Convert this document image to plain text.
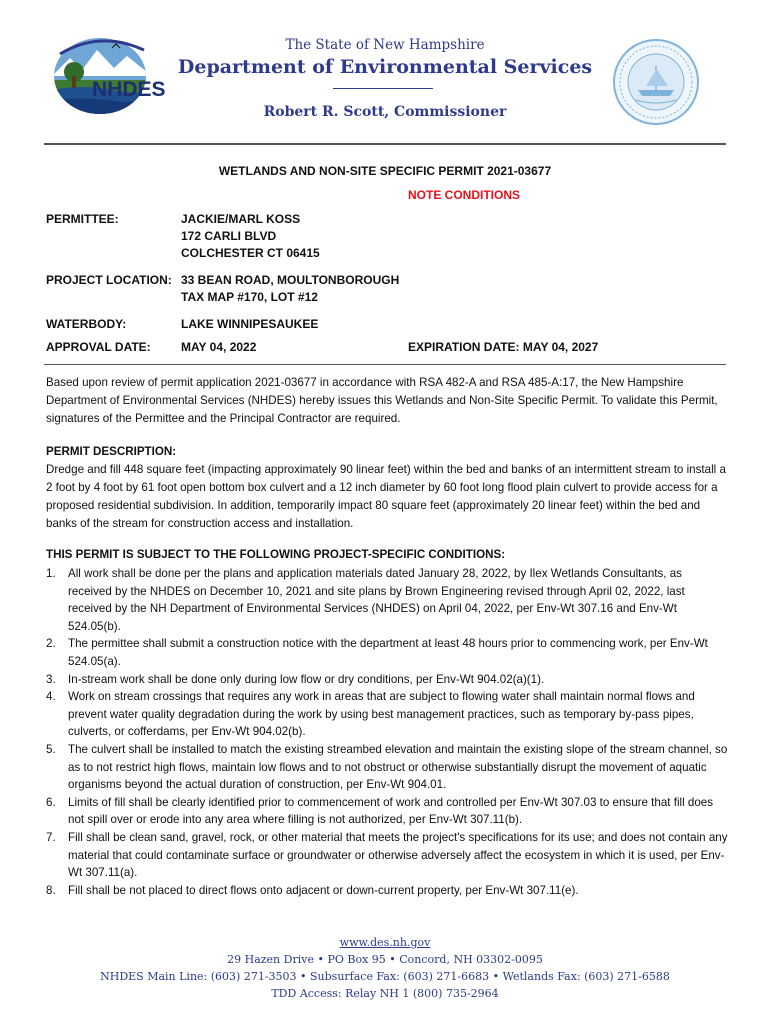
NHDES
The State of New Hampshire
Department of Environmental Services
Robert R. Scott, Commissioner
WETLANDS AND NON-SITE SPECIFIC PERMIT 2021-03677
NOTE CONDITIONS
PERMITTEE:	JACKIE/MARL KOSS
172 CARLI BLVD
COLCHESTER CT 06415
PROJECT LOCATION: 33 BEAN ROAD, MOULTONBOROUGH
TAX MAP #170, LOT #12
WATERBODY:	LAKE WINNIPESAUKEE
APPROVAL DATE:	MAY 04, 2022	EXPIRATION DATE: MAY 04, 2027
Based upon review of permit application 2021-03677 in accordance with RSA 482-A and RSA 485-A:17, the New Hampshire Department of Environmental Services (NHDES) hereby issues this Wetlands and Non-Site Specific Permit. To validate this Permit, signatures of the Permittee and the Principal Contractor are required.
PERMIT DESCRIPTION:
Dredge and fill 448 square feet (impacting approximately 90 linear feet) within the bed and banks of an intermittent stream to install a 2 foot by 4 foot by 61 foot open bottom box culvert and a 12 inch diameter by 60 foot long flood plain culvert to provide access for a proposed residential subdivision. In addition, temporarily impact 80 square feet (approximately 20 linear feet) within the bed and banks of the stream for construction access and installation.
THIS PERMIT IS SUBJECT TO THE FOLLOWING PROJECT-SPECIFIC CONDITIONS:
1. All work shall be done per the plans and application materials dated January 28, 2022, by Ilex Wetlands Consultants, as received by the NHDES on December 10, 2021 and site plans by Brown Engineering revised through April 02, 2022, last received by the NH Department of Environmental Services (NHDES) on April 04, 2022, per Env-Wt 307.16 and Env-Wt 524.05(b).
2. The permittee shall submit a construction notice with the department at least 48 hours prior to commencing work, per Env-Wt 524.05(a).
3. In-stream work shall be done only during low flow or dry conditions, per Env-Wt 904.02(a)(1).
4. Work on stream crossings that requires any work in areas that are subject to flowing water shall maintain normal flows and prevent water quality degradation during the work by using best management practices, such as temporary by-pass pipes, culverts, or cofferdams, per Env-Wt 904.02(b).
5. The culvert shall be installed to match the existing streambed elevation and maintain the existing slope of the stream channel, so as to not restrict high flows, maintain low flows and to not obstruct or otherwise substantially disrupt the movement of aquatic organisms beyond the actual duration of construction, per Env-Wt 904.01.
6. Limits of fill shall be clearly identified prior to commencement of work and controlled per Env-Wt 307.03 to ensure that fill does not spill over or erode into any area where filling is not authorized, per Env-Wt 307.11(b).
7. Fill shall be clean sand, gravel, rock, or other material that meets the project's specifications for its use; and does not contain any material that could contaminate surface or groundwater or otherwise adversely affect the ecosystem in which it is used, per Env-Wt 307.11(a).
8. Fill shall be not placed to direct flows onto adjacent or down-current property, per Env-Wt 307.11(e).
www.des.nh.gov
29 Hazen Drive • PO Box 95 • Concord, NH 03302-0095
NHDES Main Line: (603) 271-3503 • Subsurface Fax: (603) 271-6683 • Wetlands Fax: (603) 271-6588
TDD Access: Relay NH 1 (800) 735-2964
